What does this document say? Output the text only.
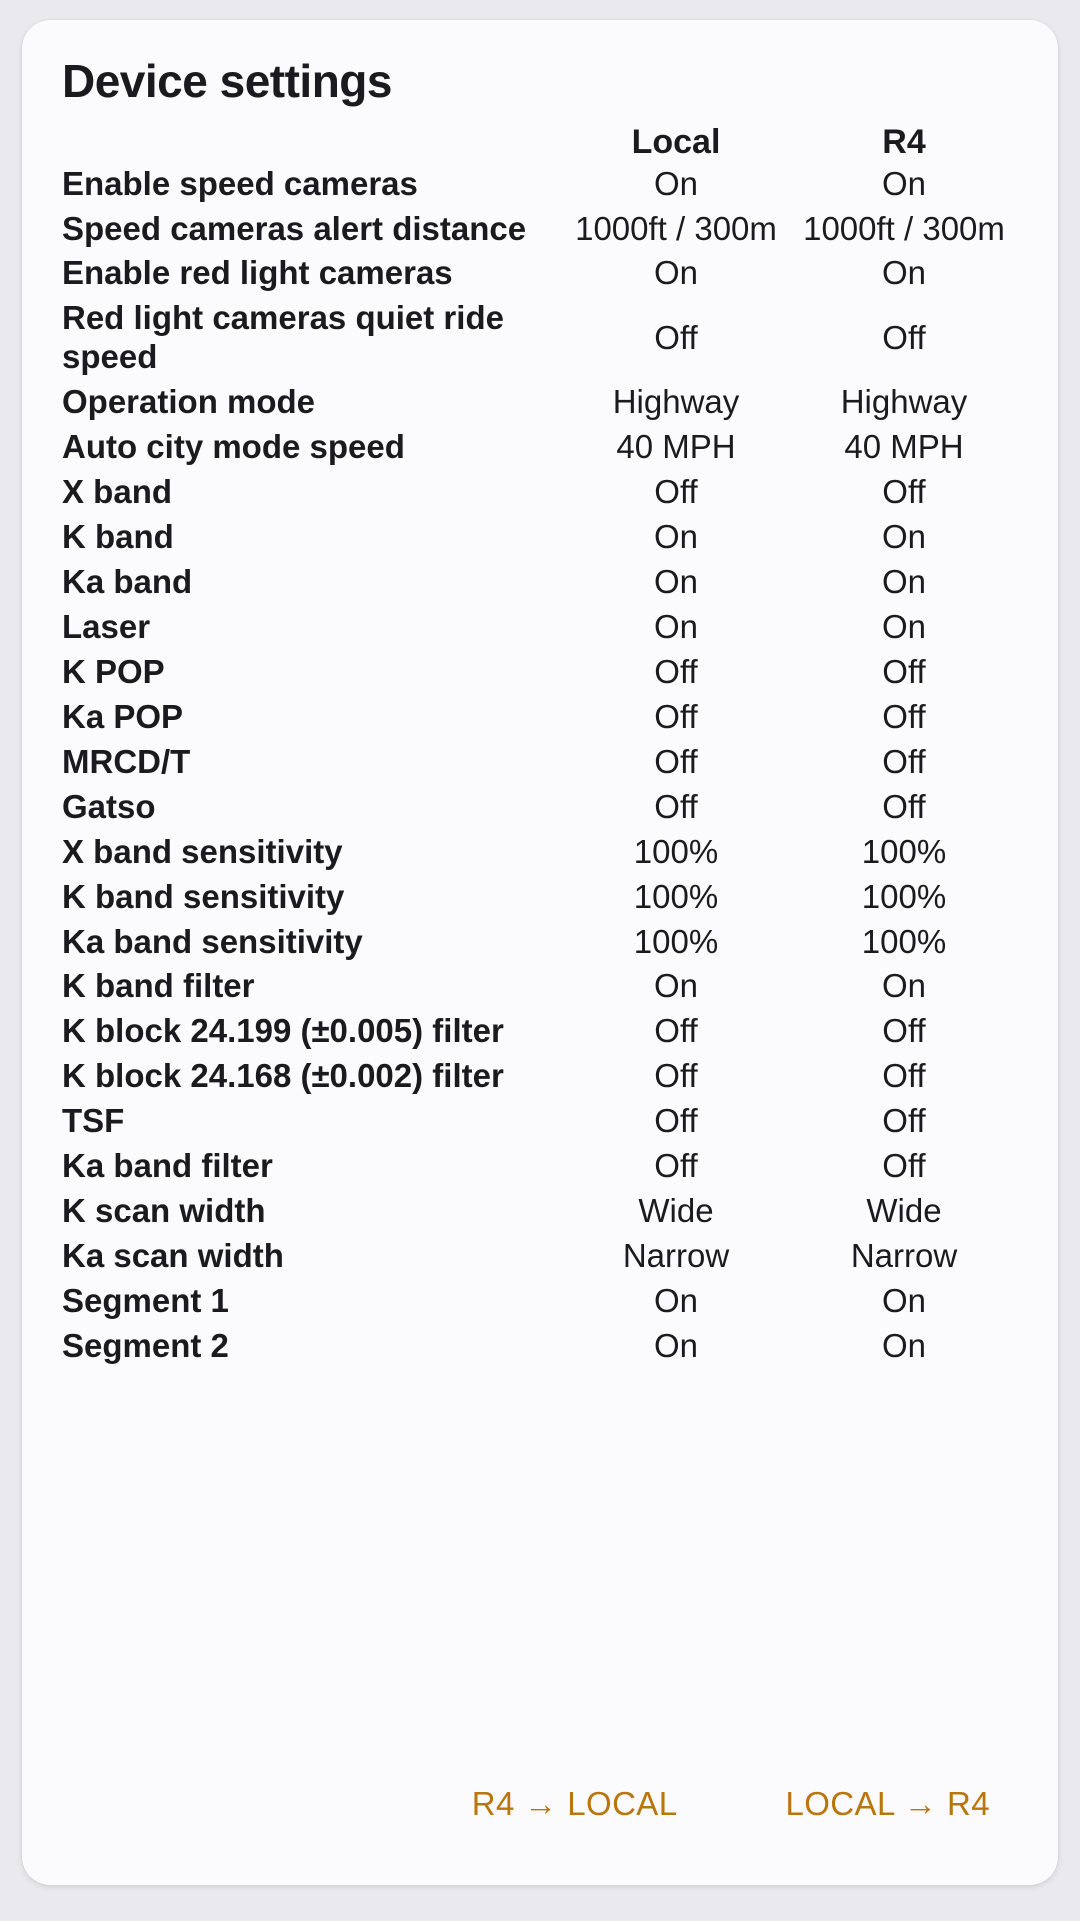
Device settings
	Local	R4
Enable speed cameras	On	On
Speed cameras alert distance	1000ft / 300m	1000ft / 300m
Enable red light cameras	On	On
Red light cameras quiet ride speed	Off	Off
Operation mode	Highway	Highway
Auto city mode speed	40 MPH	40 MPH
X band	Off	Off
K band	On	On
Ka band	On	On
Laser	On	On
K POP	Off	Off
Ka POP	Off	Off
MRCD/T	Off	Off
Gatso	Off	Off
X band sensitivity	100%	100%
K band sensitivity	100%	100%
Ka band sensitivity	100%	100%
K band filter	On	On
K block 24.199 (±0.005) filter	Off	Off
K block 24.168 (±0.002) filter	Off	Off
TSF	Off	Off
Ka band filter	Off	Off
K scan width	Wide	Wide
Ka scan width	Narrow	Narrow
Segment 1	On	On
Segment 2	On	On
R4 → LOCAL	LOCAL → R4
